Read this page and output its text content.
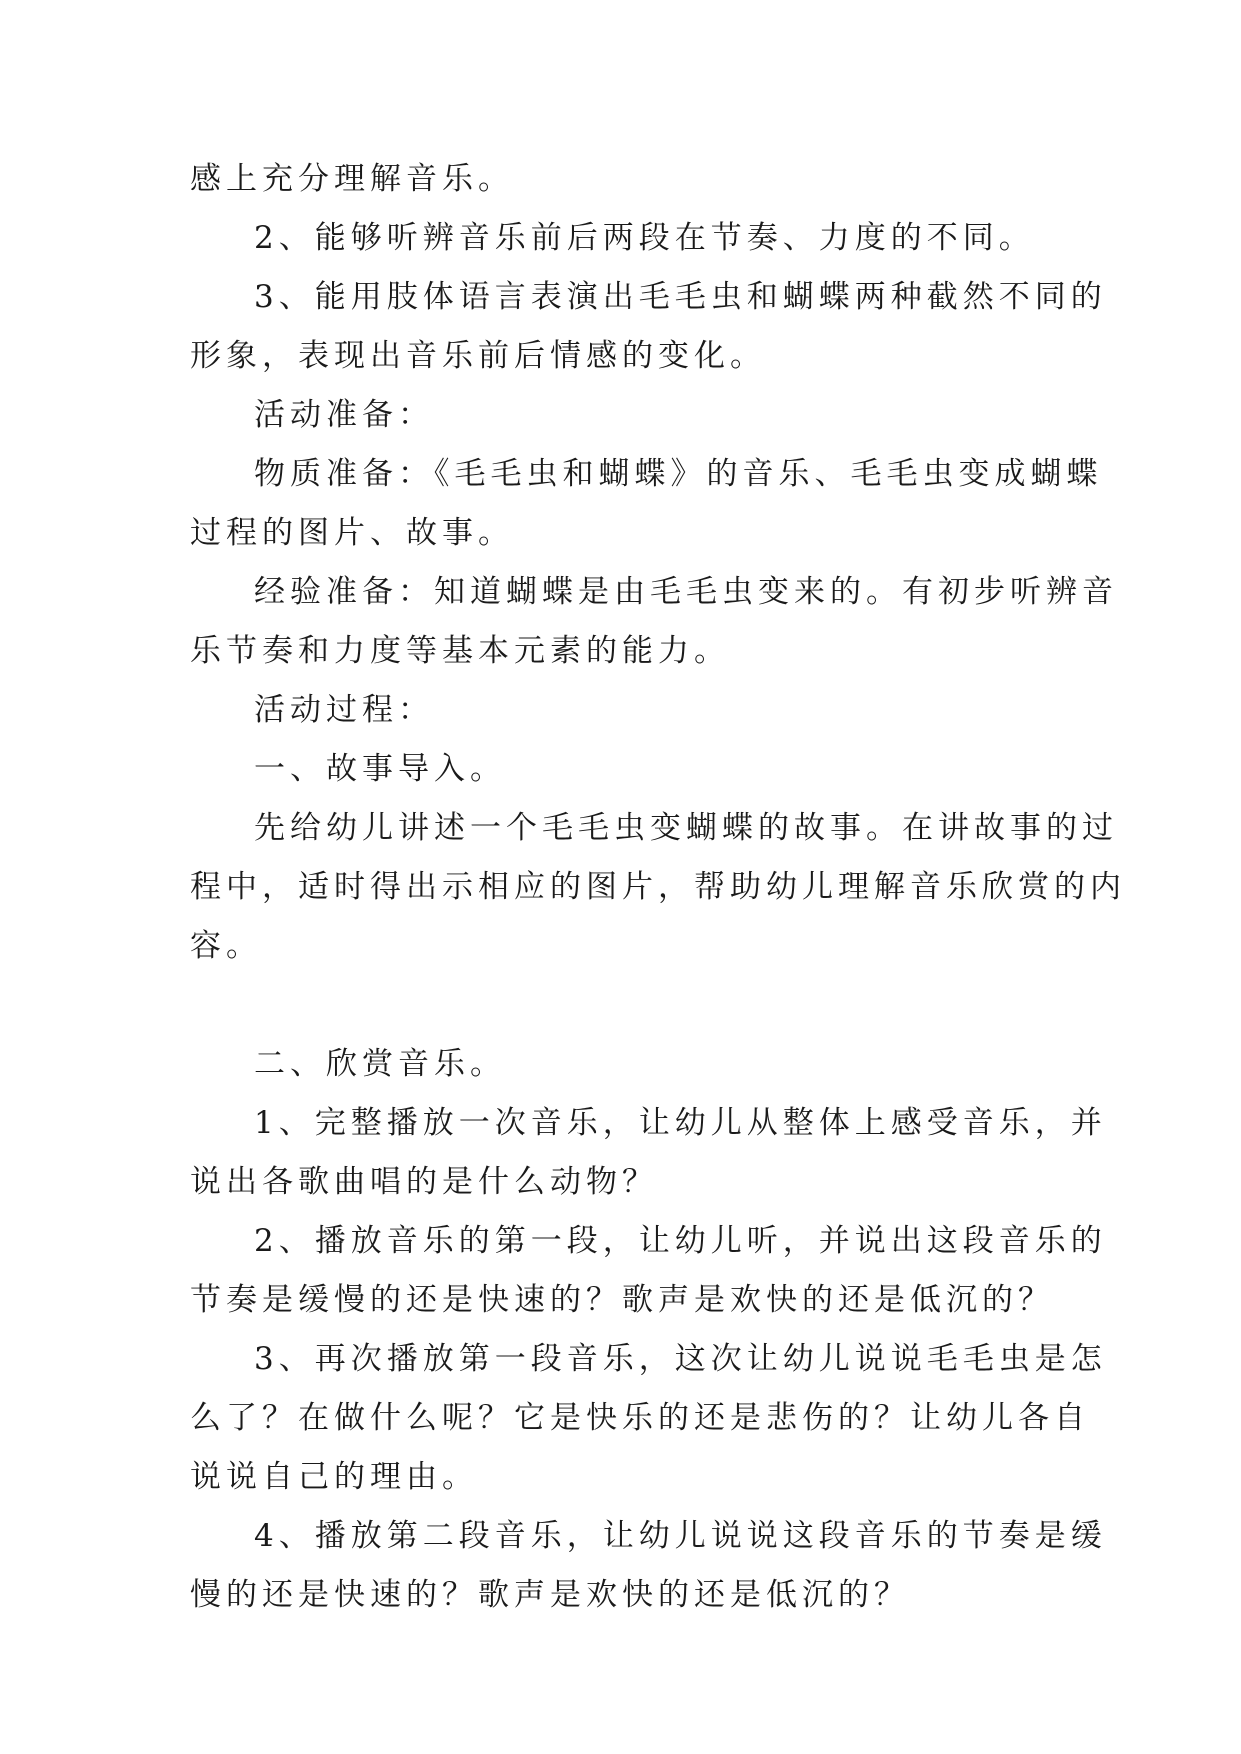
感上充分理解音乐。
2、能够听辨音乐前后两段在节奏、力度的不同。
3、能用肢体语言表演出毛毛虫和蝴蝶两种截然不同的
形象，表现出音乐前后情感的变化。
活动准备：
物质准备：《毛毛虫和蝴蝶》的音乐、毛毛虫变成蝴蝶
过程的图片、故事。
经验准备：知道蝴蝶是由毛毛虫变来的。有初步听辨音
乐节奏和力度等基本元素的能力。
活动过程：
一、故事导入。
先给幼儿讲述一个毛毛虫变蝴蝶的故事。在讲故事的过
程中，适时得出示相应的图片，帮助幼儿理解音乐欣赏的内
容。
二、欣赏音乐。
1、完整播放一次音乐，让幼儿从整体上感受音乐，并
说出各歌曲唱的是什么动物？
2、播放音乐的第一段，让幼儿听，并说出这段音乐的
节奏是缓慢的还是快速的？歌声是欢快的还是低沉的？
3、再次播放第一段音乐，这次让幼儿说说毛毛虫是怎
么了？在做什么呢？它是快乐的还是悲伤的？让幼儿各自
说说自己的理由。
4、播放第二段音乐，让幼儿说说这段音乐的节奏是缓
慢的还是快速的？歌声是欢快的还是低沉的？
